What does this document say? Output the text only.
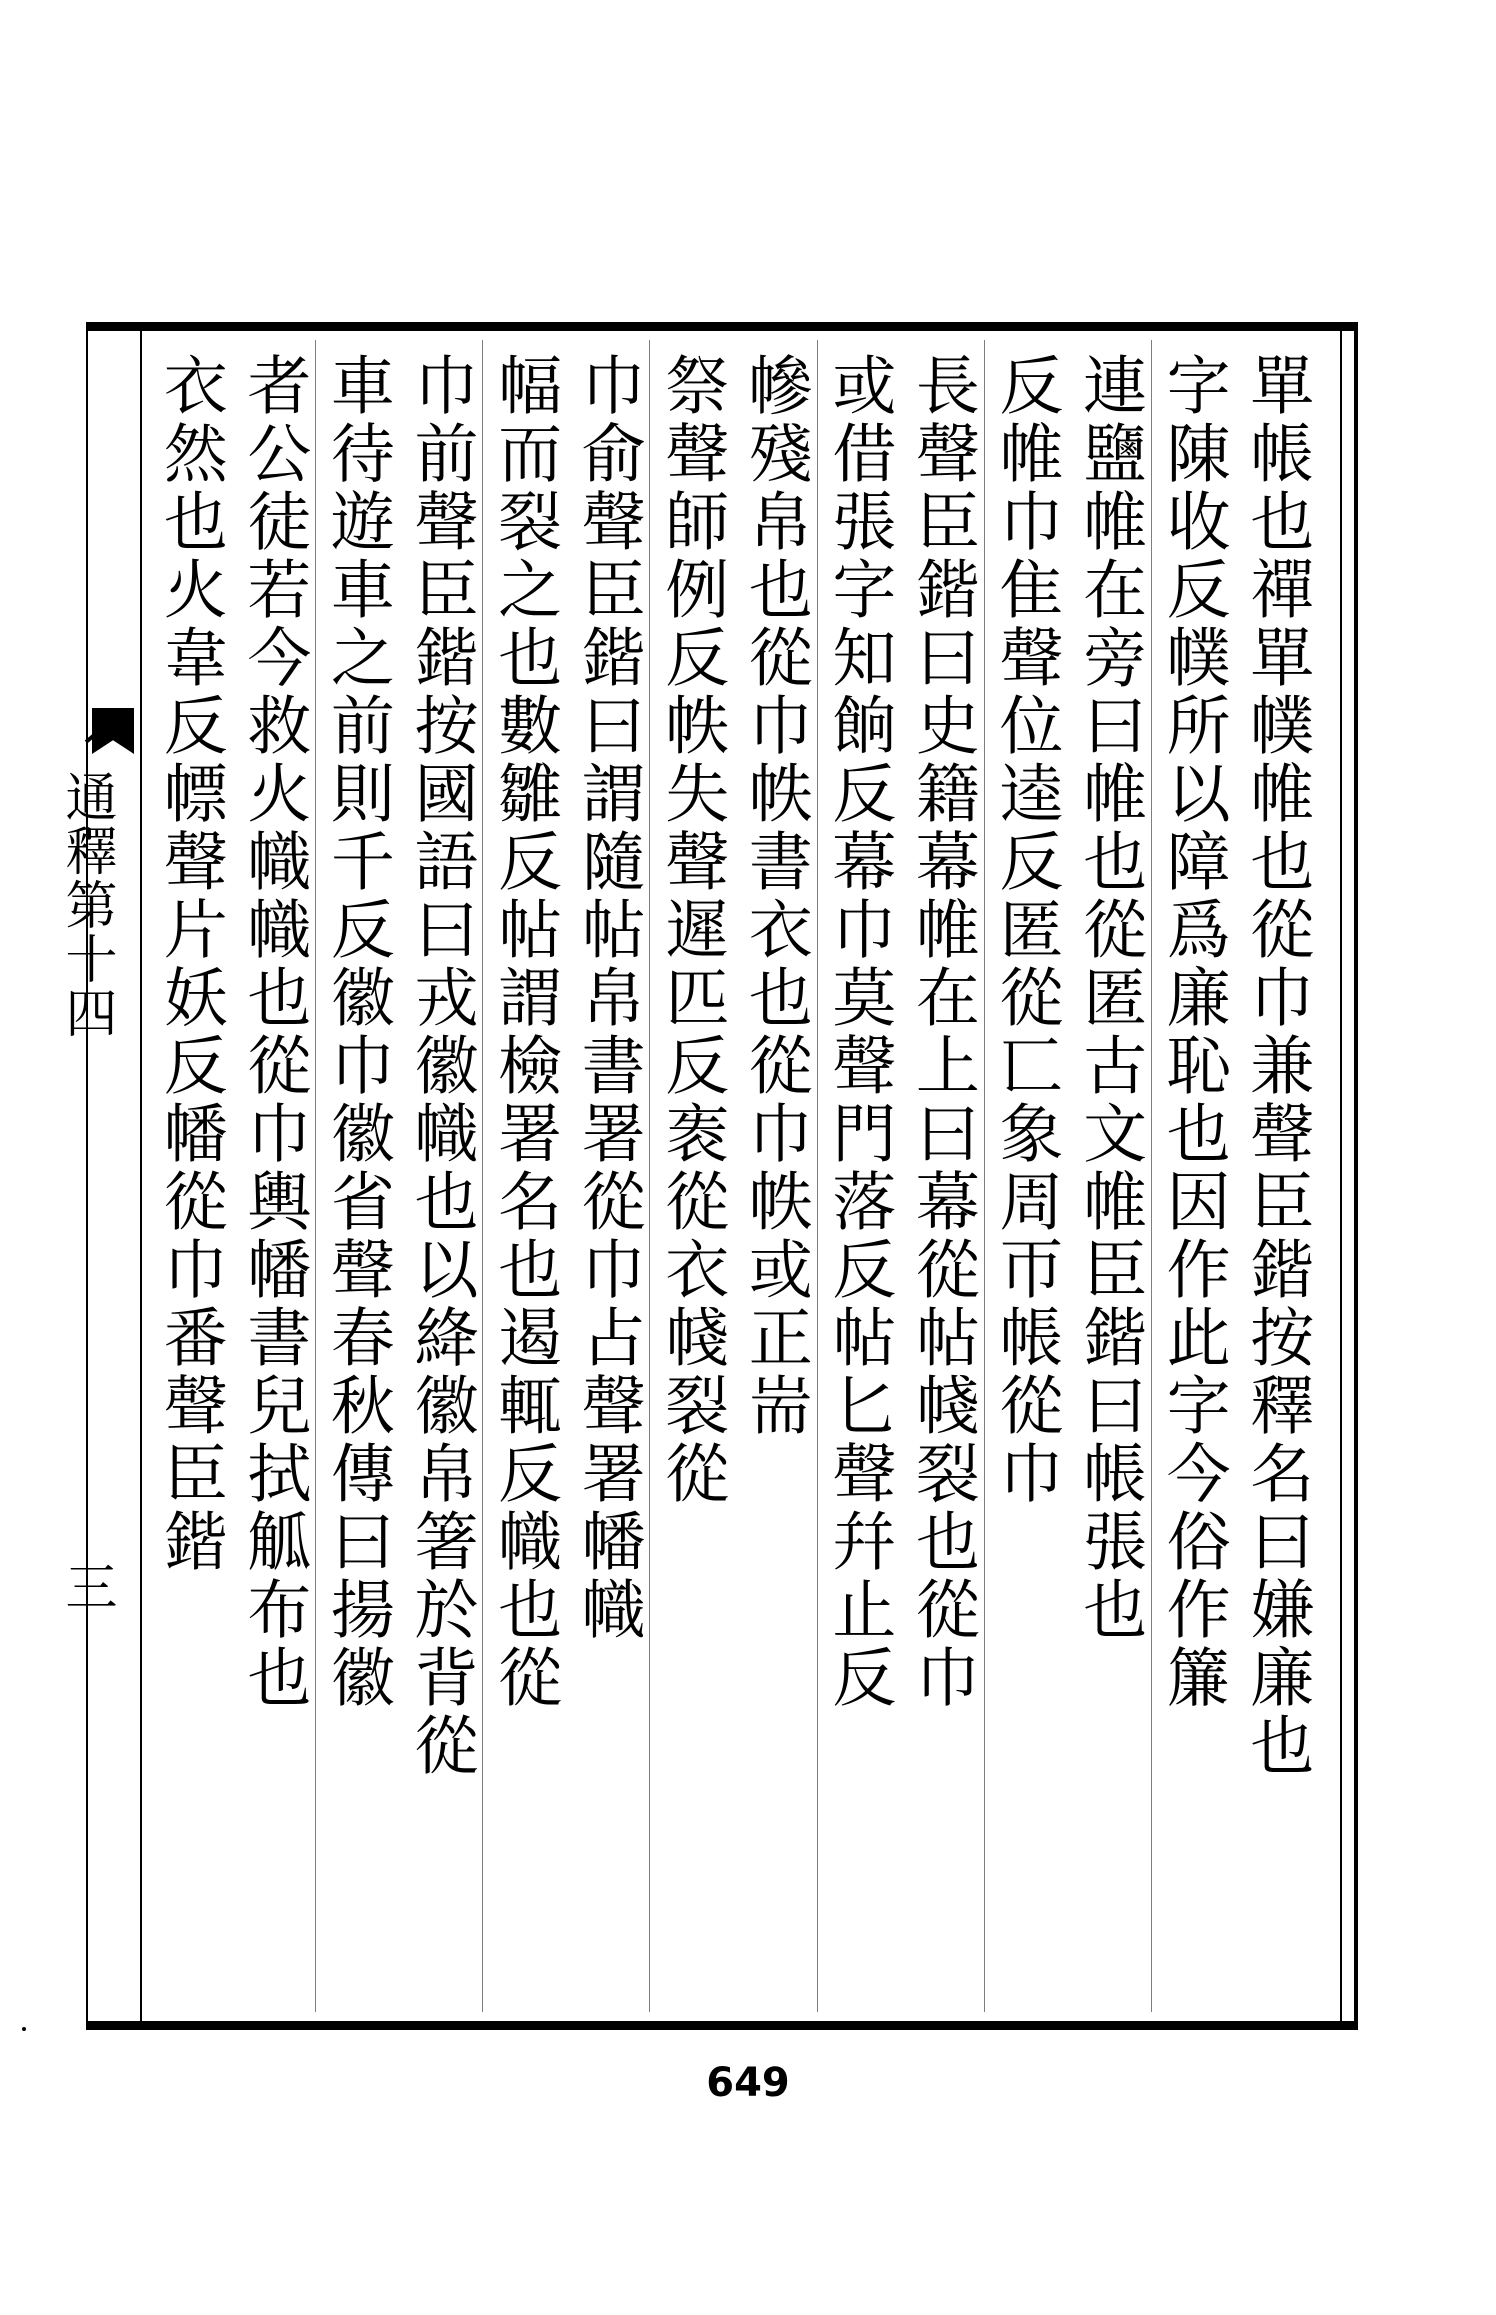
通釋第十四
三	單帳也禪單幞帷也從巾兼聲臣鍇按釋名曰嫌廉也
字陳收反幞所以障爲廉恥也因作此字今俗作簾
連鹽帷在旁曰帷也從匿古文帷臣鍇曰帳張也
反帷巾隹聲位逵反匿從匸象周帀帳從巾
長聲臣鍇曰史籍幕帷在上曰幕從帖帴裂也從巾
或借張字知餉反幕巾莫聲門落反帖匕聲幷止反
幓殘帛也從巾帙書衣也從巾帙或正耑
祭聲師例反帙失聲遲匹反袠從衣帴裂從
巾俞聲臣鍇曰謂隨帖帛書署從巾占聲署幡幟
幅而裂之也數雛反帖謂檢署名也遏輒反幟也從
巾前聲臣鍇按國語曰戎徽幟也以絳徽帛箸於背從
車待遊車之前則千反徽巾徽省聲春秋傳曰揚徽
者公徒若今救火幟幟也從巾輿幡書兒拭觚布也
衣然也火韋反幖聲片妖反幡從巾番聲臣鍇
649
